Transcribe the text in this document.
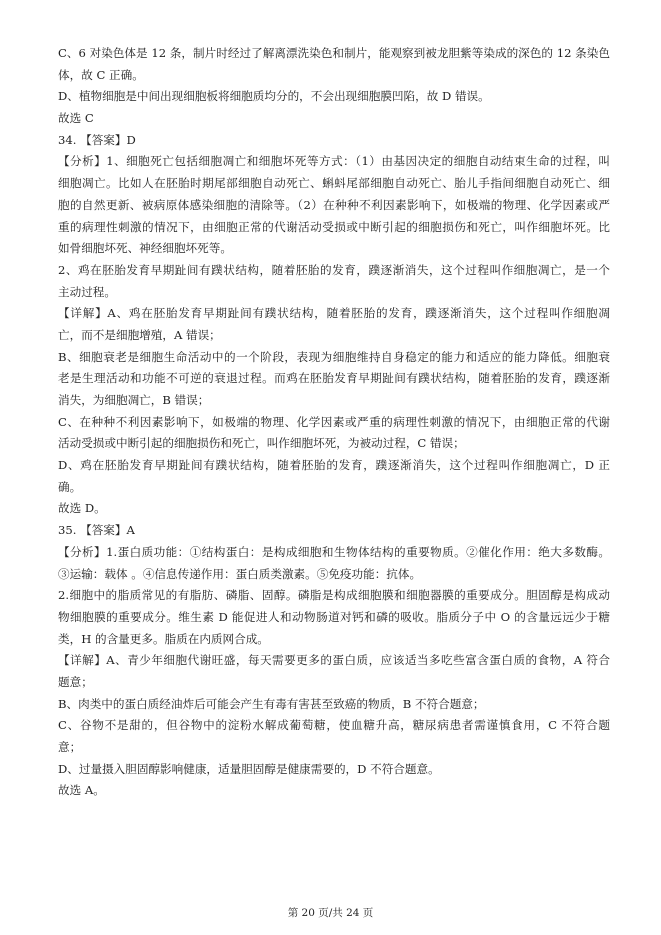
C、6 对染色体是 12 条，制片时经过了解离漂洗染色和制片，能观察到被龙胆紫等染成的深色的 12 条染色
体，故 C 正确。
D、植物细胞是中间出现细胞板将细胞质均分的，不会出现细胞膜凹陷，故 D 错误。
故选 C
34. 【答案】D
【分析】1、细胞死亡包括细胞凋亡和细胞坏死等方式：（1）由基因决定的细胞自动结束生命的过程，叫
细胞凋亡。比如人在胚胎时期尾部细胞自动死亡、蝌蚪尾部细胞自动死亡、胎儿手指间细胞自动死亡、细
胞的自然更新、被病原体感染细胞的清除等。（2）在种种不利因素影响下，如极端的物理、化学因素或严
重的病理性刺激的情况下，由细胞正常的代谢活动受损或中断引起的细胞损伤和死亡，叫作细胞坏死。比
如骨细胞坏死、神经细胞坏死等。
2、鸡在胚胎发育早期趾间有蹼状结构，随着胚胎的发育，蹼逐渐消失，这个过程叫作细胞凋亡，是一个
主动过程。
【详解】A、鸡在胚胎发育早期趾间有蹼状结构，随着胚胎的发育，蹼逐渐消失，这个过程叫作细胞凋
亡，而不是细胞增殖，A 错误；
B、细胞衰老是细胞生命活动中的一个阶段，表现为细胞维持自身稳定的能力和适应的能力降低。细胞衰
老是生理活动和功能不可逆的衰退过程。而鸡在胚胎发育早期趾间有蹼状结构，随着胚胎的发育，蹼逐渐
消失，为细胞凋亡，B 错误；
C、在种种不利因素影响下，如极端的物理、化学因素或严重的病理性刺激的情况下，由细胞正常的代谢
活动受损或中断引起的细胞损伤和死亡，叫作细胞坏死，为被动过程，C 错误；
D、鸡在胚胎发育早期趾间有蹼状结构，随着胚胎的发育，蹼逐渐消失，这个过程叫作细胞凋亡，D 正
确。
故选 D。
35. 【答案】A
【分析】1.蛋白质功能：①结构蛋白：是构成细胞和生物体结构的重要物质。②催化作用：绝大多数酶。
③运输：载体 。④信息传递作用：蛋白质类激素。⑤免疫功能：抗体。
2.细胞中的脂质常见的有脂肪、磷脂、固醇。磷脂是构成细胞膜和细胞器膜的重要成分。胆固醇是构成动
物细胞膜的重要成分。维生素 D 能促进人和动物肠道对钙和磷的吸收。脂质分子中 O 的含量远远少于糖
类，H 的含量更多。脂质在内质网合成。
【详解】A、青少年细胞代谢旺盛，每天需要更多的蛋白质，应该适当多吃些富含蛋白质的食物，A 符合
题意；
B、肉类中的蛋白质经油炸后可能会产生有毒有害甚至致癌的物质，B 不符合题意；
C、谷物不是甜的，但谷物中的淀粉水解成葡萄糖，使血糖升高，糖尿病患者需谨慎食用，C 不符合题
意；
D、过量摄入胆固醇影响健康，适量胆固醇是健康需要的，D 不符合题意。
故选 A。
第 20 页/共 24 页
